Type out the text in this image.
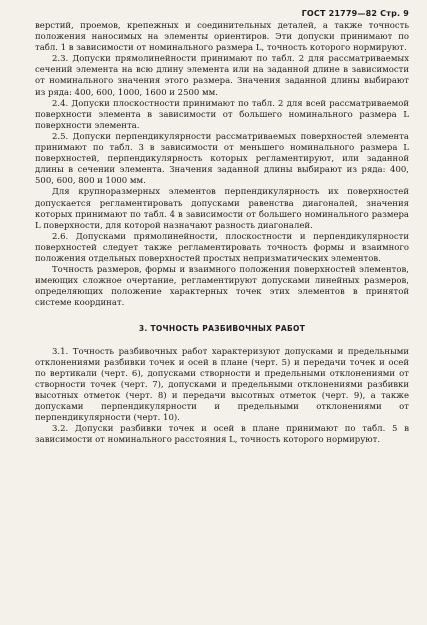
ГОСТ 21779—82 Стр. 9

верстий, проемов, крепежных и соединительных деталей, а также точность положения наносимых на элементы ориентиров. Эти допуски принимают по табл. 1 в зависимости от номинального размера L, точность которого нормируют.

2.3. Допуски прямолинейности принимают по табл. 2 для рассматриваемых сечений элемента на всю длину элемента или на заданной длине в зависимости от номинального значения этого размера. Значения заданной длины выбирают из ряда: 400, 600, 1000, 1600 и 2500 мм.

2.4. Допуски плоскостности принимают по табл. 2 для всей рассматриваемой поверхности элемента в зависимости от большего номинального размера L поверхности элемента.

2.5. Допуски перпендикулярности рассматриваемых поверхностей элемента принимают по табл. 3 в зависимости от меньшего номинального размера L поверхностей, перпендикулярность которых регламентируют, или заданной длины в сечении элемента. Значения заданной длины выбирают из ряда: 400, 500, 600, 800 и 1000 мм.

Для крупноразмерных элементов перпендикулярность их поверхностей допускается регламентировать допусками равенства диагоналей, значения которых принимают по табл. 4 в зависимости от большего номинального размера L поверхности, для которой назначают разность диагоналей.

2.6. Допусками прямолинейности, плоскостности и перпендикулярности поверхностей следует также регламентировать точность формы и взаимного положения отдельных поверхностей простых непризматических элементов.

Точность размеров, формы и взаимного положения поверхностей элементов, имеющих сложное очертание, регламентируют допусками линейных размеров, определяющих положение характерных точек этих элементов в принятой системе координат.

3. ТОЧНОСТЬ РАЗБИВОЧНЫХ РАБОТ

3.1. Точность разбивочных работ характеризуют допусками и предельными отклонениями разбивки точек и осей в плане (черт. 5) и передачи точек и осей по вертикали (черт. 6), допусками створности и предельными отклонениями от створности точек (черт. 7), допусками и предельными отклонениями разбивки высотных отметок (черт. 8) и передачи высотных отметок (черт. 9), а также допусками перпендикулярности и предельными отклонениями от перпендикулярности (черт. 10).

3.2. Допуски разбивки точек и осей в плане принимают по табл. 5 в зависимости от номинального расстояния L, точность которого нормируют.
